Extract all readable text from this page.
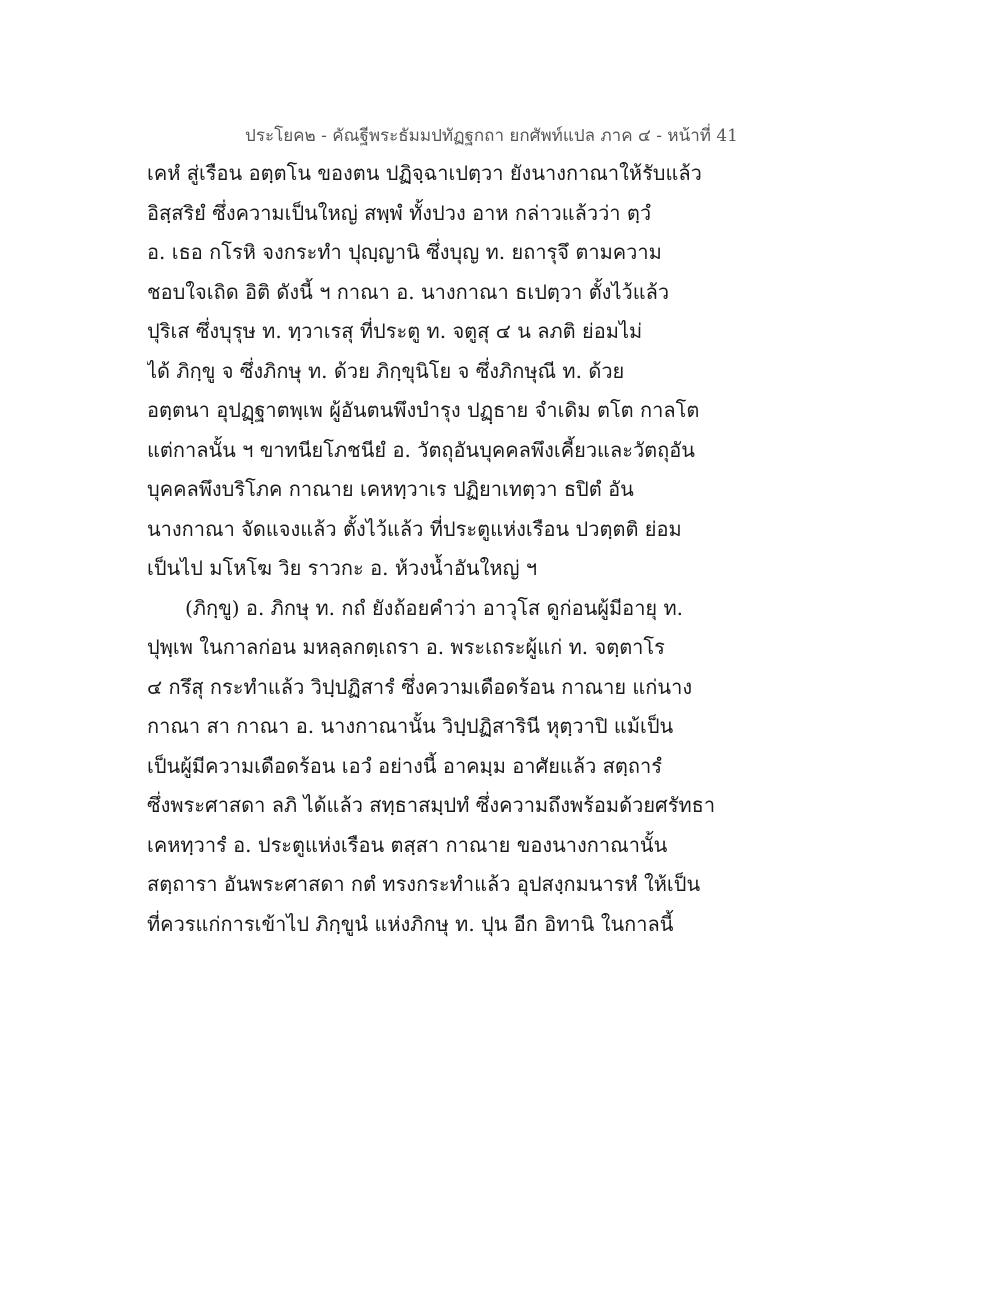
ประโยค๒ - คัณฐีพระธัมมปทัฏฐกถา ยกศัพท์แปล ภาค ๔ - หน้าที่ 41
เคหํ สู่เรือน อตฺตโน ของตน ปฏิจฺฉาเปตฺวา ยังนางกาณาให้รับแล้ว
อิสฺสริยํ ซึ่งความเป็นใหญ่ สพฺพํ ทั้งปวง อาห กล่าวแล้วว่า ตฺวํ
อ. เธอ กโรหิ จงกระทำ ปุญฺญานิ ซึ่งบุญ ท. ยถารุจึ ตามความ
ชอบใจเถิด อิติ ดังนี้ ฯ กาณา อ. นางกาณา ธเปตฺวา ตั้งไว้แล้ว
ปุริเส ซึ่งบุรุษ ท. ทฺวาเรสุ ที่ประตู ท. จตูสุ ๔ น ลภติ ย่อมไม่
ได้ ภิกฺขู จ ซึ่งภิกษุ ท. ด้วย ภิกฺขุนิโย จ ซึ่งภิกษุณี ท. ด้วย
อตฺตนา อุปฏฺฐาตพฺเพ ผู้อันตนพึงบำรุง ปฏฺธาย จำเดิม ตโต กาลโต
แต่กาลนั้น ฯ ขาทนียโภชนียํ อ. วัตถุอันบุคคลพึงเคี้ยวและวัตถุอัน
บุคคลพึงบริโภค กาณาย เคหทฺวาเร ปฏิยาเทตฺวา ธปิตํ อัน
นางกาณา จัดแจงแล้ว ตั้งไว้แล้ว ที่ประตูแห่งเรือน ปวตฺตติ ย่อม
เป็นไป มโหโฆ วิย ราวกะ อ. ห้วงน้ำอันใหญ่ ฯ
(ภิกฺขู) อ. ภิกษุ ท. กถํ ยังถ้อยคำว่า อาวุโส ดูก่อนผู้มีอายุ ท.
ปุพฺเพ ในกาลก่อน มหลฺลกตฺเถรา อ. พระเถระผู้แก่ ท. จตฺตาโร
๔ กรึสุ กระทำแล้ว วิปฺปฏิสารํ ซึ่งความเดือดร้อน กาณาย แก่นาง
กาณา สา กาณา อ. นางกาณานั้น วิปฺปฏิสารินี หุตฺวาปิ แม้เป็น
เป็นผู้มีความเดือดร้อน เอวํ อย่างนี้ อาคมฺม อาศัยแล้ว สตฺถารํ
ซึ่งพระศาสดา ลภิ ได้แล้ว สทฺธาสมฺปทํ ซึ่งความถึงพร้อมด้วยศรัทธา
เคหทฺวารํ อ. ประตูแห่งเรือน ตสฺสา กาณาย ของนางกาณานั้น
สตฺถารา อันพระศาสดา กตํ ทรงกระทำแล้ว อุปสงฺกมนารหํ ให้เป็น
ที่ควรแก่การเข้าไป ภิกฺขูนํ แห่งภิกษุ ท. ปุน อีก อิทานิ ในกาลนี้
